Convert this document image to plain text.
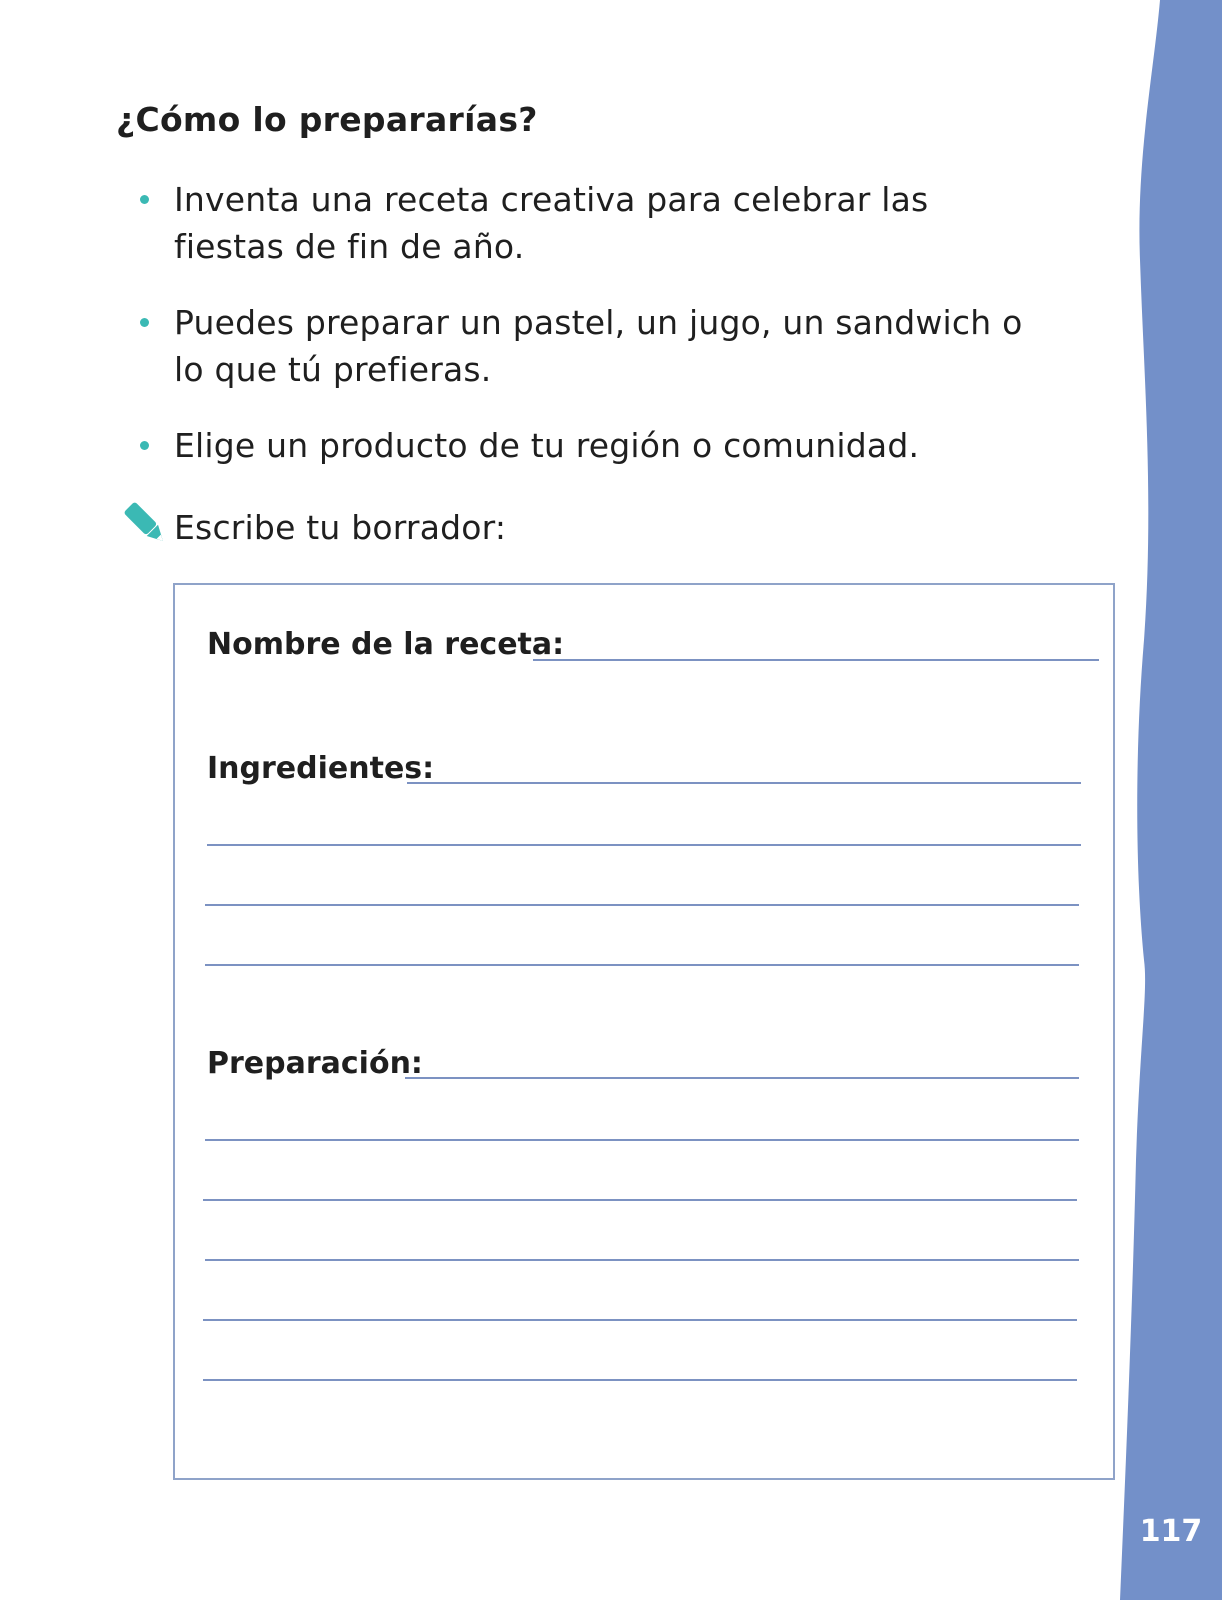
117
¿Cómo lo prepararías?
Inventa una receta creativa para celebrar las fiestas de fin de año.
Puedes preparar un pastel, un jugo, un sandwich o lo que tú prefieras.
Elige un producto de tu región o comunidad.
Escribe tu borrador:
Nombre de la receta:
Ingredientes:
Preparación:
